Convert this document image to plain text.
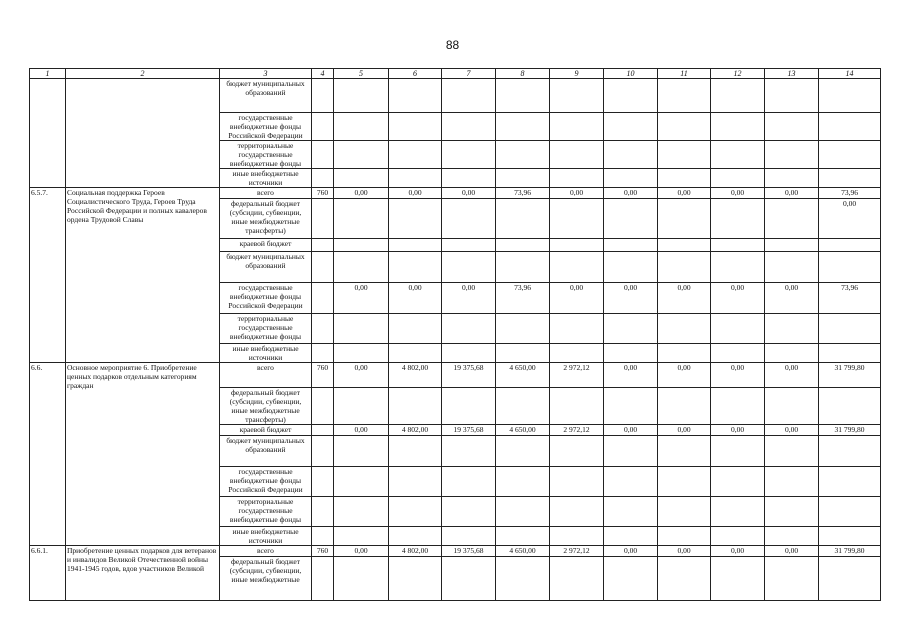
88
1	2	3	4	5	6	7	8	9	10	11	12	13	14
		бюджет муниципальных образований											
		государственные внебюджетные фонды Российской Федерации											
		территориальные государственные внебюджетные фонды											
		иные внебюджетные источники											
6.5.7.	Социальная поддержка Героев Социалистического Труда, Героев Труда Российской Федерации и полных кавалеров ордена Трудовой Славы	всего	760	0,00	0,00	0,00	73,96	0,00	0,00	0,00	0,00	0,00	73,96
		федеральный бюджет (субсидии, субвенции, иные межбюджетные трансферты)											0,00
		краевой бюджет											
		бюджет муниципальных образований											
		государственные внебюджетные фонды Российской Федерации		0,00	0,00	0,00	73,96	0,00	0,00	0,00	0,00	0,00	73,96
		территориальные государственные внебюджетные фонды											
		иные внебюджетные источники											
6.6.	Основное мероприятие 6. Приобретение ценных подарков отдельным категориям граждан	всего	760	0,00	4 802,00	19 375,68	4 650,00	2 972,12	0,00	0,00	0,00	0,00	31 799,80
		федеральный бюджет (субсидии, субвенции, иные межбюджетные трансферты)											
		краевой бюджет		0,00	4 802,00	19 375,68	4 650,00	2 972,12	0,00	0,00	0,00	0,00	31 799,80
		бюджет муниципальных образований											
		государственные внебюджетные фонды Российской Федерации											
		территориальные государственные внебюджетные фонды											
		иные внебюджетные источники											
6.6.1.	Приобретение ценных подарков для ветеранов и инвалидов Великой Отечественной войны 1941-1945 годов, вдов участников Великой	всего	760	0,00	4 802,00	19 375,68	4 650,00	2 972,12	0,00	0,00	0,00	0,00	31 799,80
		федеральный бюджет (субсидии, субвенции, иные межбюджетные											
